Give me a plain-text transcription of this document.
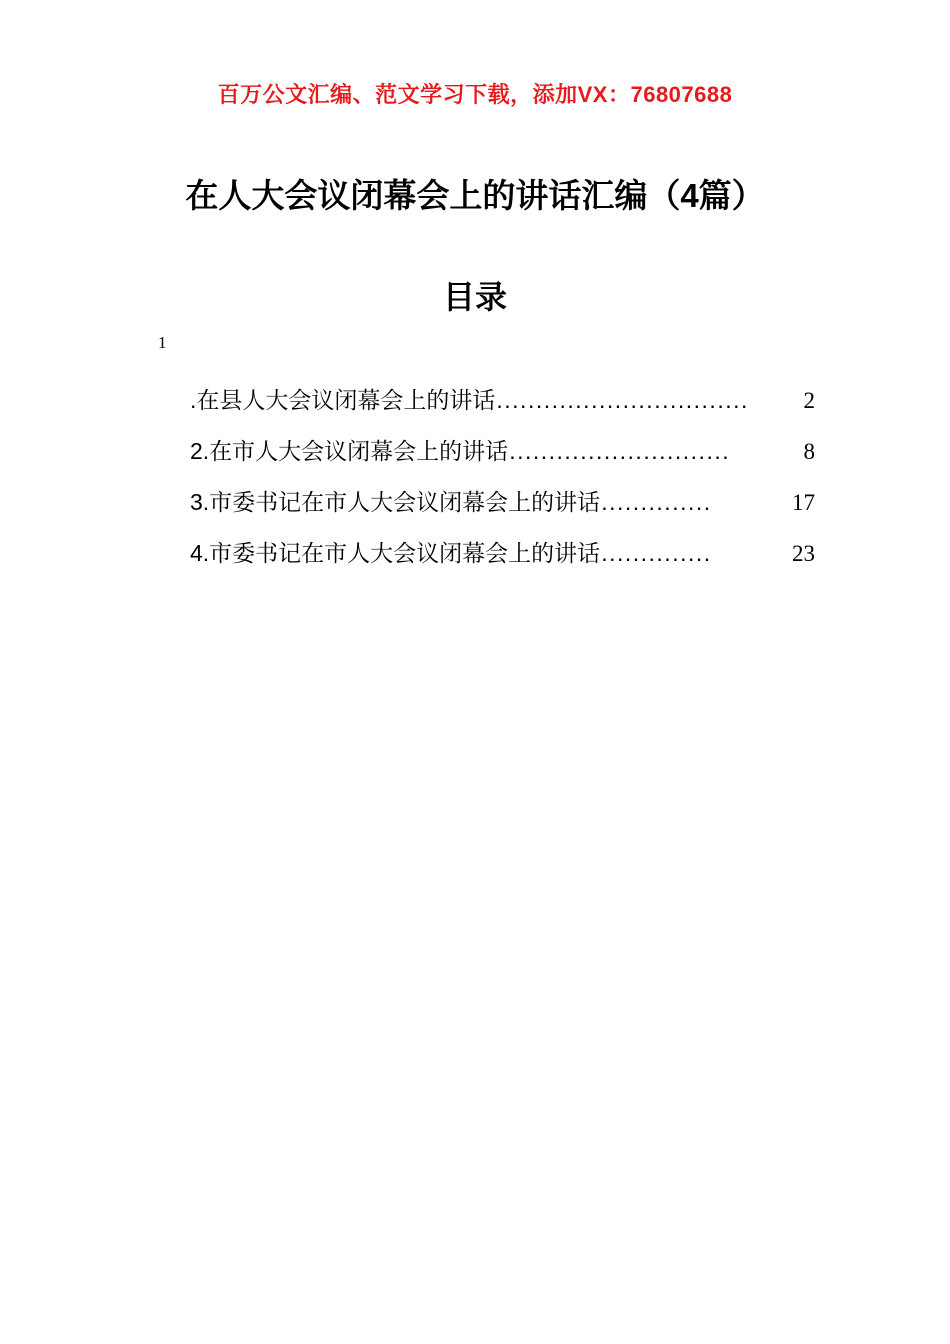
百万公文汇编、范文学习下载，添加VX：76807688
在人大会议闭幕会上的讲话汇编（4篇）
目录
1
.在县人大会议闭幕会上的讲话 ................................	2
2.在市人大会议闭幕会上的讲话 ............................	8
3.市委书记在市人大会议闭幕会上的讲话 ..............	17
4.市委书记在市人大会议闭幕会上的讲话 ..............	23
